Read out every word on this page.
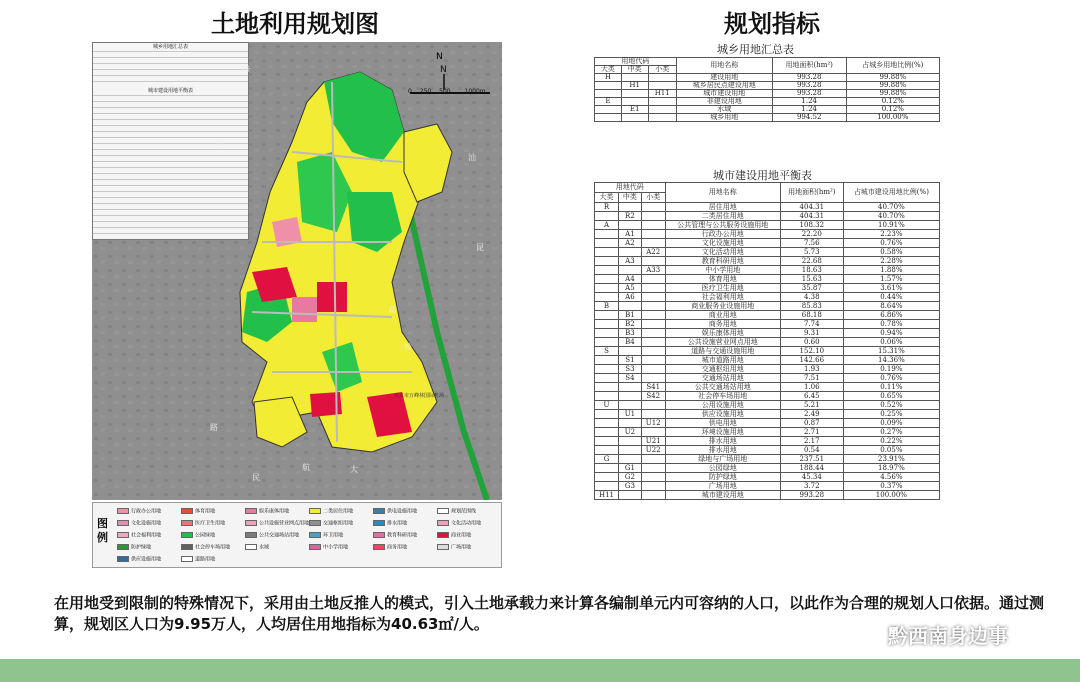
土地利用规划图	规划指标
N
城乡用地汇总表
城市建设用地平衡表
N
0 250 500 1000m
兴义市万峰林国际机场
汕
昆
高
铁
山
大
民
航
路
峰
图例
行政办公用地	体育用地	娱乐康体用地	二类居住用地	供电设施用地	规划范围线
文化设施用地	医疗卫生用地	公共设施营业网点用地	交通枢纽用地	排水用地	文化活动用地
社会福利用地	公园绿地	公共交通场站用地	环卫用地	教育科研用地	商业用地
防护绿地	社会停车场用地	水域	中小学用地	商务用地	广场用地
供应设施用地	道路用地
城乡用地汇总表
用地代码			用地名称	用地面积(hm²)	占城乡用地比例(%)
大类	中类	小类			
H			建设用地	993.28	99.88%
	H1		城乡居民点建设用地	993.28	99.88%
		H11	城市建设用地	993.28	99.88%
E			非建设用地	1.24	0.12%
	E1		水域	1.24	0.12%
			城乡用地	994.52	100.00%
城市建设用地平衡表
用地代码			用地名称	用地面积(hm²)	占城市建设用地比例(%)
大类	中类	小类			
R			居住用地	404.31	40.70%
	R2		二类居住用地	404.31	40.70%
A			公共管理与公共服务设施用地	108.32	10.91%
	A1		行政办公用地	22.20	2.23%
	A2		文化设施用地	7.56	0.76%
		A22	文化活动用地	5.73	0.58%
	A3		教育科研用地	22.68	2.28%
		A33	中小学用地	18.63	1.88%
	A4		体育用地	15.63	1.57%
	A5		医疗卫生用地	35.87	3.61%
	A6		社会福利用地	4.38	0.44%
B			商业服务业设施用地	85.83	8.64%
	B1		商业用地	68.18	6.86%
	B2		商务用地	7.74	0.78%
	B3		娱乐康体用地	9.31	0.94%
	B4		公共设施营业网点用地	0.60	0.06%
S			道路与交通设施用地	152.10	15.31%
	S1		城市道路用地	142.66	14.36%
	S3		交通枢纽用地	1.93	0.19%
	S4		交通场站用地	7.51	0.76%
		S41	公共交通场站用地	1.06	0.11%
		S42	社会停车场用地	6.45	0.65%
U			公用设施用地	5.21	0.52%
	U1		供应设施用地	2.49	0.25%
		U12	供电用地	0.87	0.09%
	U2		环境设施用地	2.71	0.27%
		U21	排水用地	2.17	0.22%
		U22	排水用地	0.54	0.05%
G			绿地与广场用地	237.51	23.91%
	G1		公园绿地	188.44	18.97%
	G2		防护绿地	45.34	4.56%
	G3		广场用地	3.72	0.37%
H11			城市建设用地	993.28	100.00%
在用地受到限制的特殊情况下，采用由土地反推人的模式，引入土地承载力来计算各编制单元内可容纳的人口，以此作为合理的规划人口依据。通过测算，规划区人口为9.95万人，人均居住用地指标为40.63㎡/人。	黔西南身边事
